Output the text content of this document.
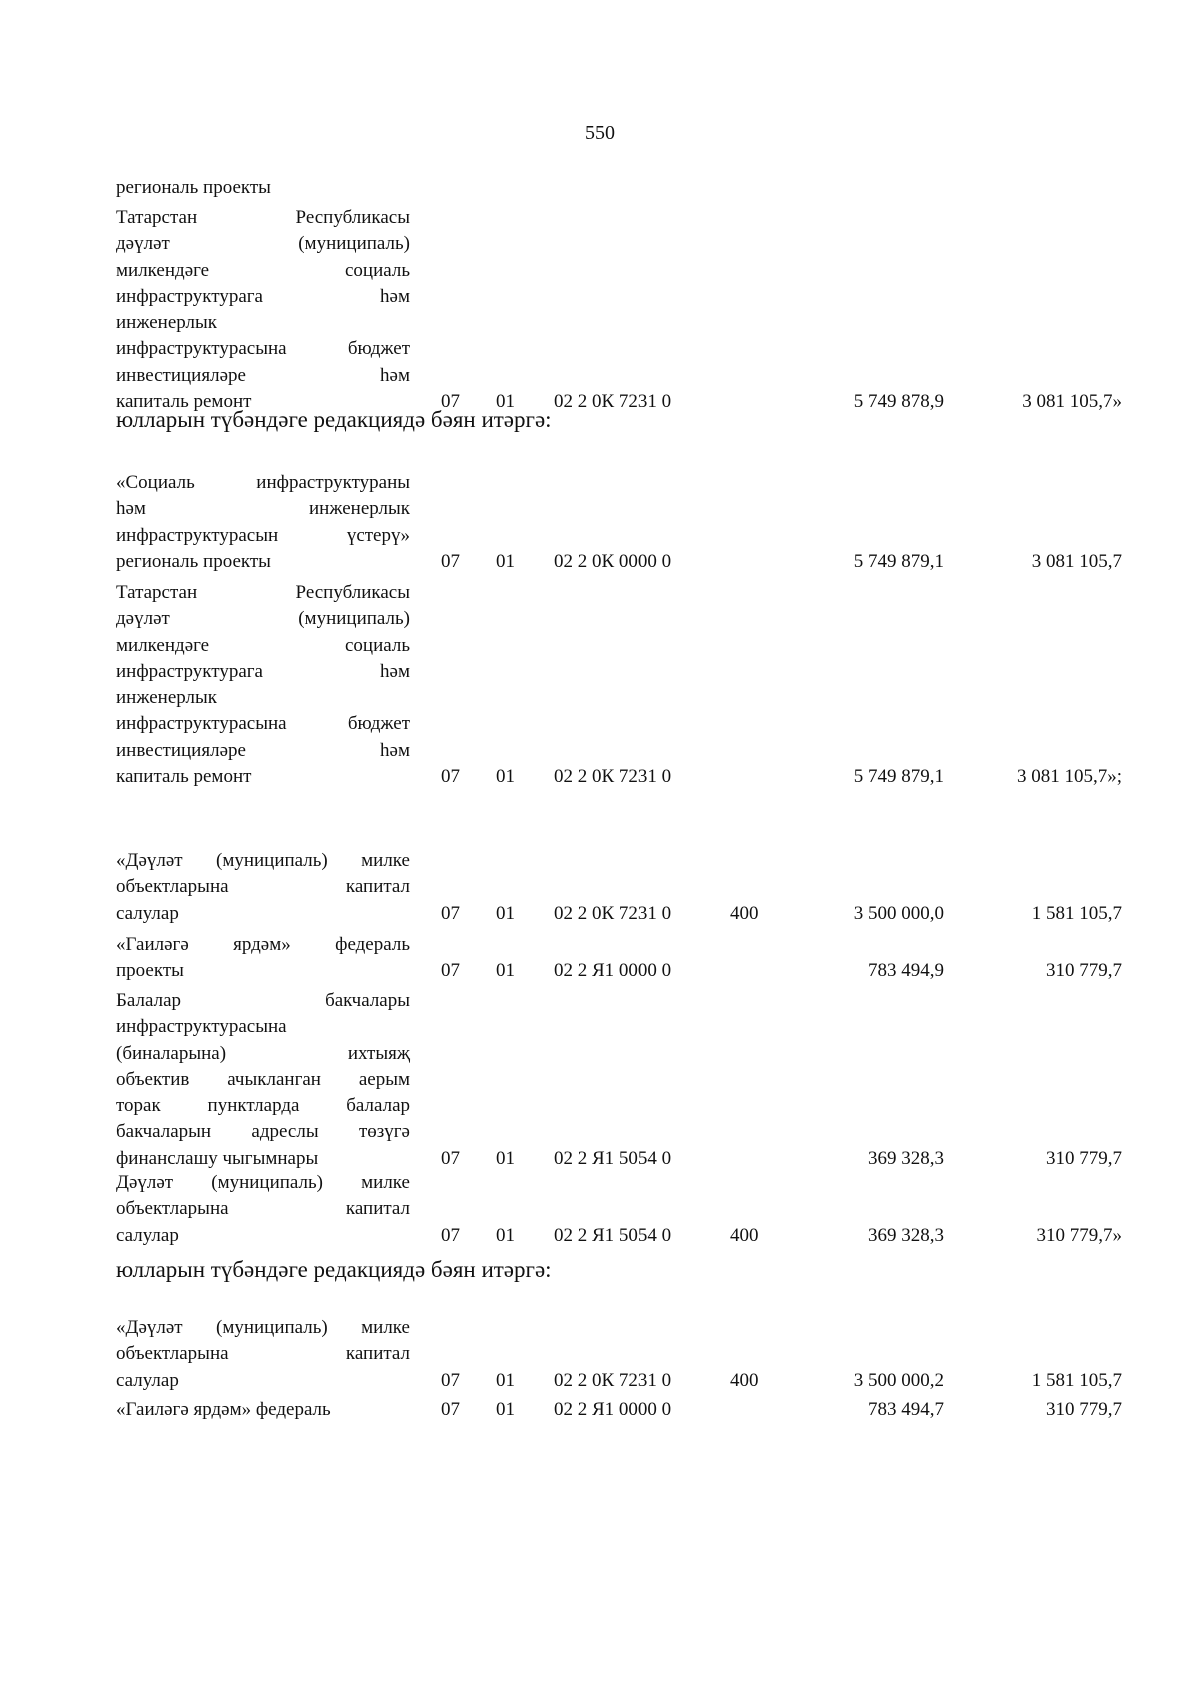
550
региональ проекты
Татарстан Республикасы
дәүләт (муниципаль)
милкендәге социаль
инфраструктурага һәм
инженерлык
инфраструктурасына бюджет
инвестицияләре һәм
капиталь ремонт	07 01 02 2 0К 7231 0	5 749 878,9	3 081 105,7»
юлларын түбәндәге редакциядә бәян итәргә:
«Социаль инфраструктураны
һәм инженерлык
инфраструктурасын үстерү»
региональ проекты	07 01 02 2 0К 0000 0	5 749 879,1	3 081 105,7
Татарстан Республикасы
дәүләт (муниципаль)
милкендәге социаль
инфраструктурага һәм
инженерлык
инфраструктурасына бюджет
инвестицияләре һәм
капиталь ремонт	07 01 02 2 0К 7231 0	5 749 879,1	3 081 105,7»;
«Дәүләт (муниципаль) милке
объектларына капитал
салулар	07 01 02 2 0К 7231 0	400	3 500 000,0	1 581 105,7
«Гаиләгә ярдәм» федераль
проекты	07 01 02 2 Я1 0000 0	783 494,9	310 779,7
Балалар бакчалары
инфраструктурасына
(биналарына) ихтыяҗ
объектив ачыкланган аерым
торак пунктларда балалар
бакчаларын адреслы төзүгә
финанслашу чыгымнары	07 01 02 2 Я1 5054 0	369 328,3	310 779,7
Дәүләт (муниципаль) милке
объектларына капитал
салулар	07 01 02 2 Я1 5054 0	400	369 328,3	310 779,7»
юлларын түбәндәге редакциядә бәян итәргә:
«Дәүләт (муниципаль) милке
объектларына капитал
салулар	07 01 02 2 0К 7231 0	400	3 500 000,2	1 581 105,7
«Гаиләгә ярдәм» федераль	07 01 02 2 Я1 0000 0	783 494,7	310 779,7
